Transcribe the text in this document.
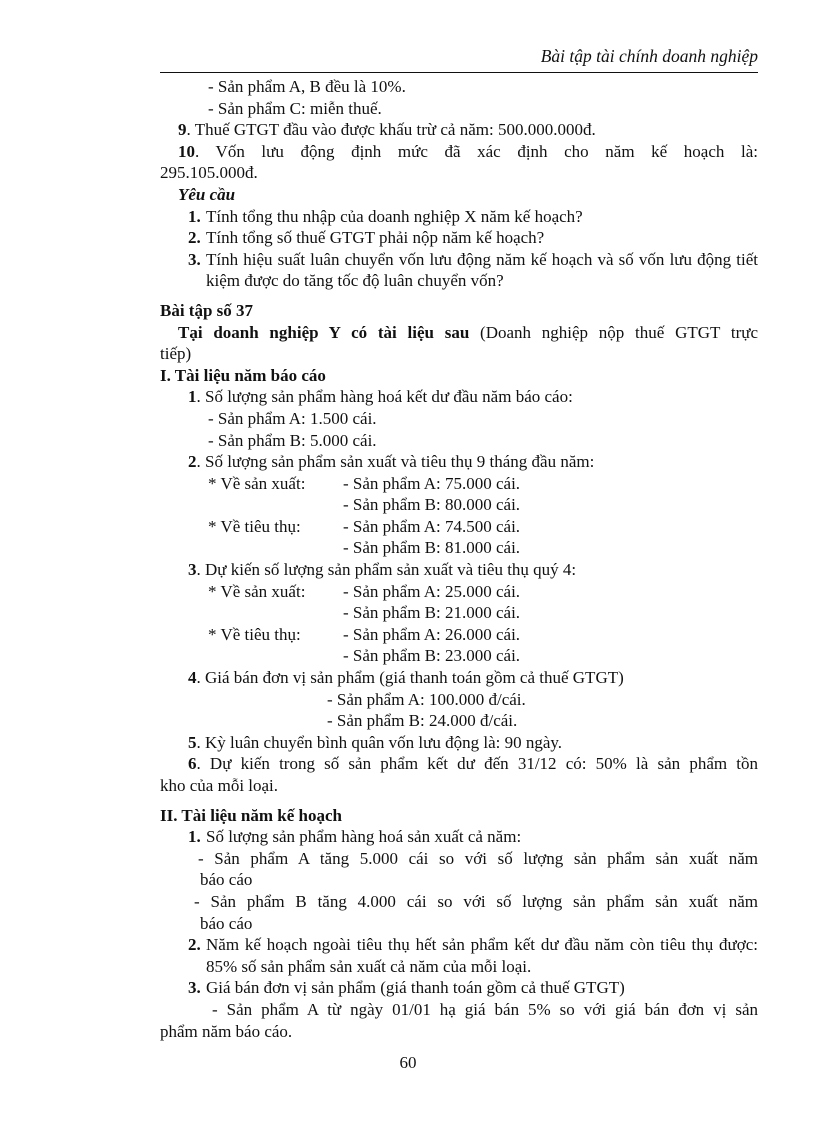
Bài tập tài chính doanh nghiệp
- Sản phẩm A, B đều là 10%.
- Sản phẩm C: miễn thuế.
9. Thuế GTGT đầu vào được khấu trừ cả năm: 500.000.000đ.
10. Vốn lưu động định mức đã xác định cho năm kế hoạch là:
295.105.000đ.
Yêu cầu
1. Tính tổng thu nhập của doanh nghiệp X năm kế hoạch?
2. Tính tổng số thuế GTGT phải nộp năm kế hoạch?
3. Tính hiệu suất luân chuyển vốn lưu động năm kế hoạch và số vốn lưu động tiết kiệm được do tăng tốc độ luân chuyển vốn?
Bài tập số 37
Tại doanh nghiệp Y có tài liệu sau (Doanh nghiệp nộp thuế GTGT trực
tiếp)
I. Tài liệu năm báo cáo
1. Số lượng sản phẩm hàng hoá kết dư đầu năm báo cáo:
- Sản phẩm A: 1.500 cái.
- Sản phẩm B: 5.000 cái.
2. Số lượng sản phẩm sản xuất và tiêu thụ 9 tháng đầu năm:
* Về sản xuất: - Sản phẩm A: 75.000 cái.
- Sản phẩm B: 80.000 cái.
* Về tiêu thụ: - Sản phẩm A: 74.500 cái.
- Sản phẩm B: 81.000 cái.
3. Dự kiến số lượng sản phẩm sản xuất và tiêu thụ quý 4:
* Về sản xuất: - Sản phẩm A: 25.000 cái.
- Sản phẩm B: 21.000 cái.
* Về tiêu thụ: - Sản phẩm A: 26.000 cái.
- Sản phẩm B: 23.000 cái.
4. Giá bán đơn vị sản phẩm (giá thanh toán gồm cả thuế GTGT)
- Sản phẩm A: 100.000 đ/cái.
- Sản phẩm B: 24.000 đ/cái.
5. Kỳ luân chuyển bình quân vốn lưu động là: 90 ngày.
6. Dự kiến trong số sản phẩm kết dư đến 31/12 có: 50% là sản phẩm tồn
kho của mỗi loại.
II. Tài liệu năm kế hoạch
1. Số lượng sản phẩm hàng hoá sản xuất cả năm:
- Sản phẩm A tăng 5.000 cái so với số lượng sản phẩm sản xuất năm
báo cáo
- Sản phẩm B tăng 4.000 cái so với số lượng sản phẩm sản xuất năm
báo cáo
2. Năm kế hoạch ngoài tiêu thụ hết sản phẩm kết dư đầu năm còn tiêu thụ được: 85% số sản phẩm sản xuất cả năm của mỗi loại.
3. Giá bán đơn vị sản phẩm (giá thanh toán gồm cả thuế GTGT)
- Sản phẩm A từ ngày 01/01 hạ giá bán 5% so với giá bán đơn vị sản
phẩm năm báo cáo.
60
